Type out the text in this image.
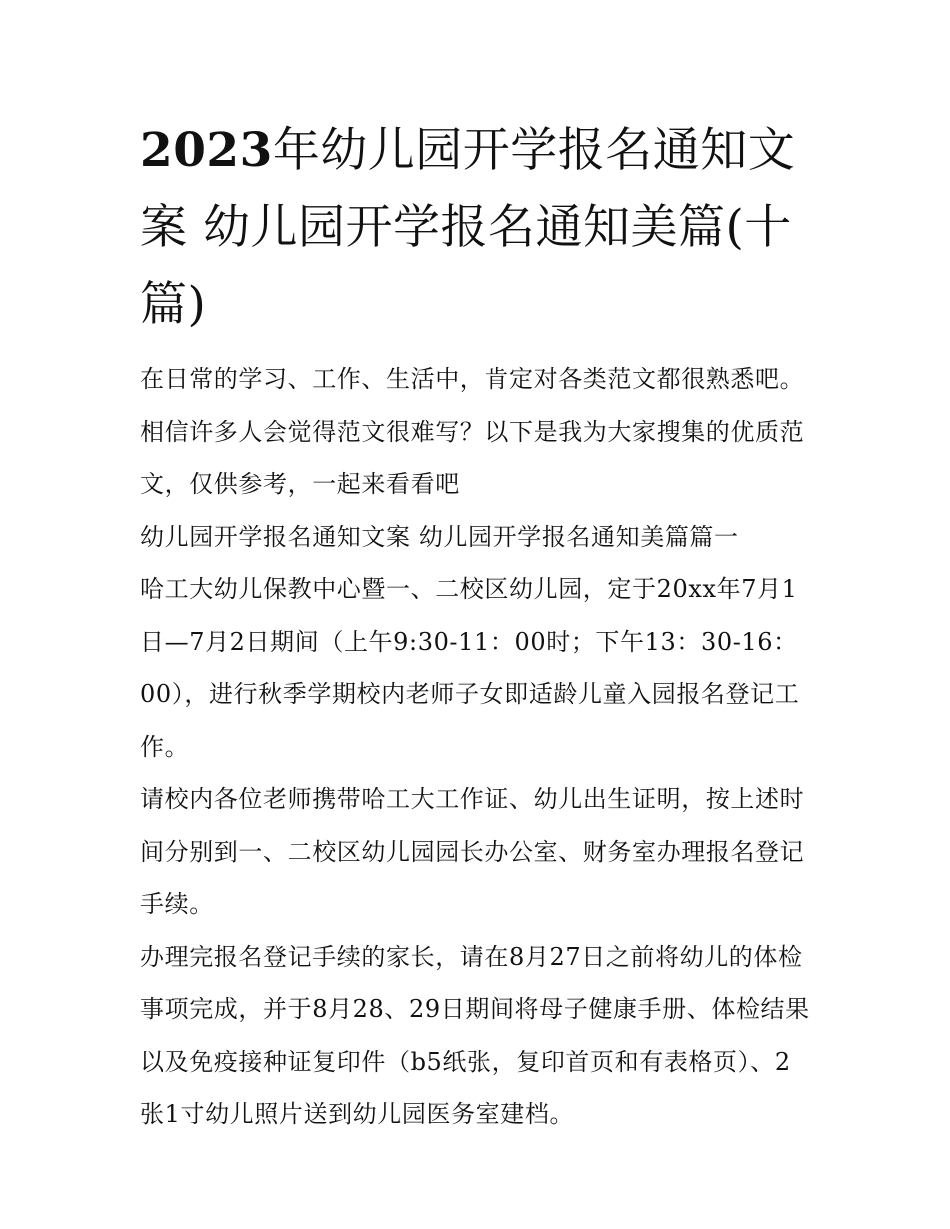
2023年幼儿园开学报名通知文案 幼儿园开学报名通知美篇(十篇)

在日常的学习、工作、生活中，肯定对各类范文都很熟悉吧。相信许多人会觉得范文很难写？以下是我为大家搜集的优质范文，仅供参考，一起来看看吧

幼儿园开学报名通知文案 幼儿园开学报名通知美篇篇一

哈工大幼儿保教中心暨一、二校区幼儿园，定于20xx年7月1日—7月2日期间（上午9:30-11：00时；下午13：30-16：00），进行秋季学期校内老师子女即适龄儿童入园报名登记工作。

请校内各位老师携带哈工大工作证、幼儿出生证明，按上述时间分别到一、二校区幼儿园园长办公室、财务室办理报名登记手续。

办理完报名登记手续的家长，请在8月27日之前将幼儿的体检事项完成，并于8月28、29日期间将母子健康手册、体检结果以及免疫接种证复印件（b5纸张，复印首页和有表格页）、2张1寸幼儿照片送到幼儿园医务室建档。
